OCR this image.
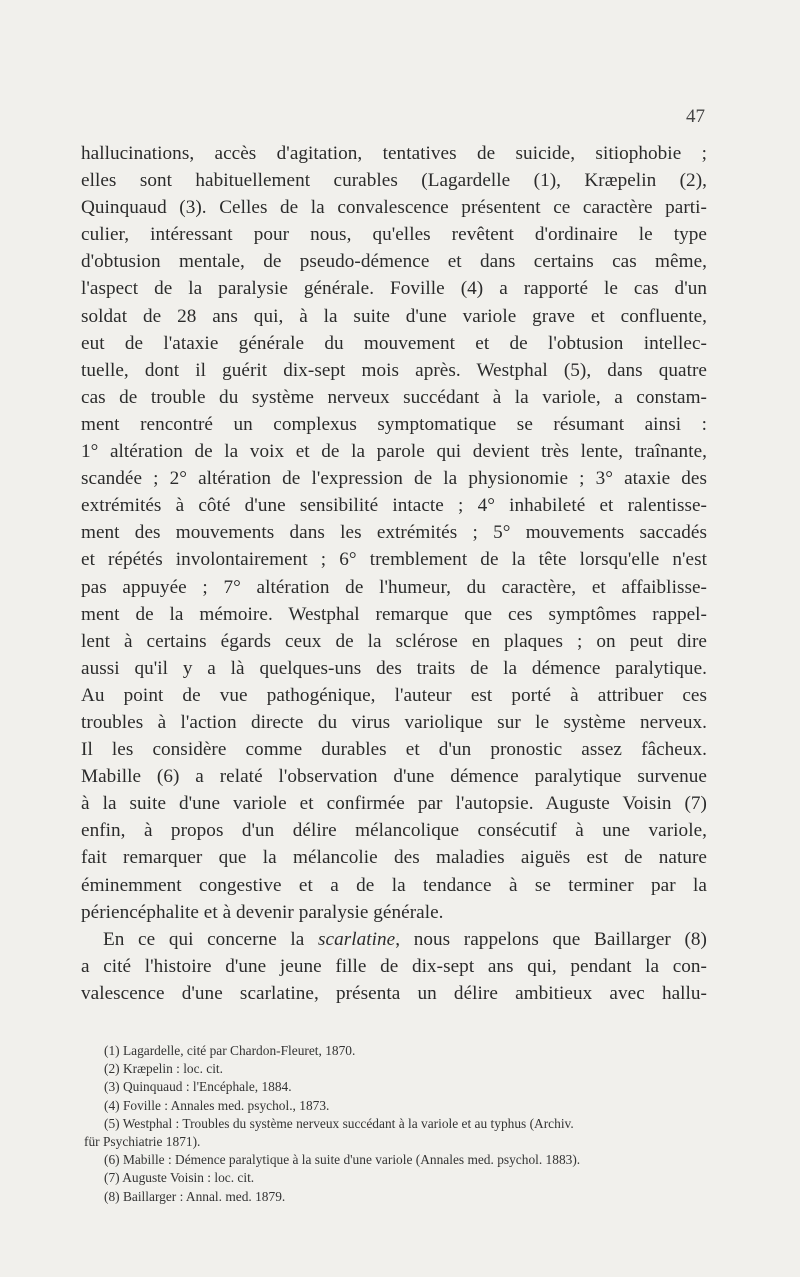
47
hallucinations, accès d'agitation, tentatives de suicide, sitiophobie ;
elles sont habituellement curables (Lagardelle (1), Kræpelin (2),
Quinquaud (3). Celles de la convalescence présentent ce caractère parti-
culier, intéressant pour nous, qu'elles revêtent d'ordinaire le type
d'obtusion mentale, de pseudo-démence et dans certains cas même,
l'aspect de la paralysie générale. Foville (4) a rapporté le cas d'un
soldat de 28 ans qui, à la suite d'une variole grave et confluente,
eut de l'ataxie générale du mouvement et de l'obtusion intellec-
tuelle, dont il guérit dix-sept mois après. Westphal (5), dans quatre
cas de trouble du système nerveux succédant à la variole, a constam-
ment rencontré un complexus symptomatique se résumant ainsi :
1° altération de la voix et de la parole qui devient très lente, traînante,
scandée ; 2° altération de l'expression de la physionomie ; 3° ataxie des
extrémités à côté d'une sensibilité intacte ; 4° inhabileté et ralentisse-
ment des mouvements dans les extrémités ; 5° mouvements saccadés
et répétés involontairement ; 6° tremblement de la tête lorsqu'elle n'est
pas appuyée ; 7° altération de l'humeur, du caractère, et affaiblisse-
ment de la mémoire. Westphal remarque que ces symptômes rappel-
lent à certains égards ceux de la sclérose en plaques ; on peut dire
aussi qu'il y a là quelques-uns des traits de la démence paralytique.
Au point de vue pathogénique, l'auteur est porté à attribuer ces
troubles à l'action directe du virus variolique sur le système nerveux.
Il les considère comme durables et d'un pronostic assez fâcheux.
Mabille (6) a relaté l'observation d'une démence paralytique survenue
à la suite d'une variole et confirmée par l'autopsie. Auguste Voisin (7)
enfin, à propos d'un délire mélancolique consécutif à une variole,
fait remarquer que la mélancolie des maladies aiguës est de nature
éminemment congestive et a de la tendance à se terminer par la
périencéphalite et à devenir paralysie générale.
En ce qui concerne la scarlatine, nous rappelons que Baillarger (8)
a cité l'histoire d'une jeune fille de dix-sept ans qui, pendant la con-
valescence d'une scarlatine, présenta un délire ambitieux avec hallu-
(1) Lagardelle, cité par Chardon-Fleuret, 1870.
(2) Kræpelin : loc. cit.
(3) Quinquaud : l'Encéphale, 1884.
(4) Foville : Annales med. psychol., 1873.
(5) Westphal : Troubles du système nerveux succédant à la variole et au typhus (Archiv.
für Psychiatrie 1871).
(6) Mabille : Démence paralytique à la suite d'une variole (Annales med. psychol. 1883).
(7) Auguste Voisin : loc. cit.
(8) Baillarger : Annal. med. 1879.
